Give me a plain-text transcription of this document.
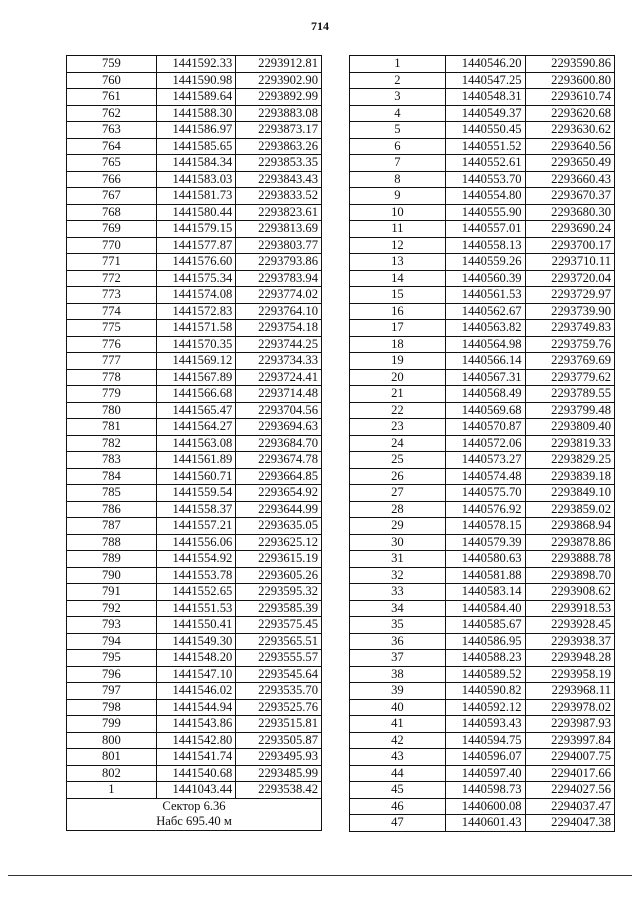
714
759	1441592.33	2293912.81
760	1441590.98	2293902.90
761	1441589.64	2293892.99
762	1441588.30	2293883.08
763	1441586.97	2293873.17
764	1441585.65	2293863.26
765	1441584.34	2293853.35
766	1441583.03	2293843.43
767	1441581.73	2293833.52
768	1441580.44	2293823.61
769	1441579.15	2293813.69
770	1441577.87	2293803.77
771	1441576.60	2293793.86
772	1441575.34	2293783.94
773	1441574.08	2293774.02
774	1441572.83	2293764.10
775	1441571.58	2293754.18
776	1441570.35	2293744.25
777	1441569.12	2293734.33
778	1441567.89	2293724.41
779	1441566.68	2293714.48
780	1441565.47	2293704.56
781	1441564.27	2293694.63
782	1441563.08	2293684.70
783	1441561.89	2293674.78
784	1441560.71	2293664.85
785	1441559.54	2293654.92
786	1441558.37	2293644.99
787	1441557.21	2293635.05
788	1441556.06	2293625.12
789	1441554.92	2293615.19
790	1441553.78	2293605.26
791	1441552.65	2293595.32
792	1441551.53	2293585.39
793	1441550.41	2293575.45
794	1441549.30	2293565.51
795	1441548.20	2293555.57
796	1441547.10	2293545.64
797	1441546.02	2293535.70
798	1441544.94	2293525.76
799	1441543.86	2293515.81
800	1441542.80	2293505.87
801	1441541.74	2293495.93
802	1441540.68	2293485.99
1	1441043.44	2293538.42
Сектор 6.36		
Набс 695.40 м		
1	1440546.20	2293590.86
2	1440547.25	2293600.80
3	1440548.31	2293610.74
4	1440549.37	2293620.68
5	1440550.45	2293630.62
6	1440551.52	2293640.56
7	1440552.61	2293650.49
8	1440553.70	2293660.43
9	1440554.80	2293670.37
10	1440555.90	2293680.30
11	1440557.01	2293690.24
12	1440558.13	2293700.17
13	1440559.26	2293710.11
14	1440560.39	2293720.04
15	1440561.53	2293729.97
16	1440562.67	2293739.90
17	1440563.82	2293749.83
18	1440564.98	2293759.76
19	1440566.14	2293769.69
20	1440567.31	2293779.62
21	1440568.49	2293789.55
22	1440569.68	2293799.48
23	1440570.87	2293809.40
24	1440572.06	2293819.33
25	1440573.27	2293829.25
26	1440574.48	2293839.18
27	1440575.70	2293849.10
28	1440576.92	2293859.02
29	1440578.15	2293868.94
30	1440579.39	2293878.86
31	1440580.63	2293888.78
32	1440581.88	2293898.70
33	1440583.14	2293908.62
34	1440584.40	2293918.53
35	1440585.67	2293928.45
36	1440586.95	2293938.37
37	1440588.23	2293948.28
38	1440589.52	2293958.19
39	1440590.82	2293968.11
40	1440592.12	2293978.02
41	1440593.43	2293987.93
42	1440594.75	2293997.84
43	1440596.07	2294007.75
44	1440597.40	2294017.66
45	1440598.73	2294027.56
46	1440600.08	2294037.47
47	1440601.43	2294047.38
